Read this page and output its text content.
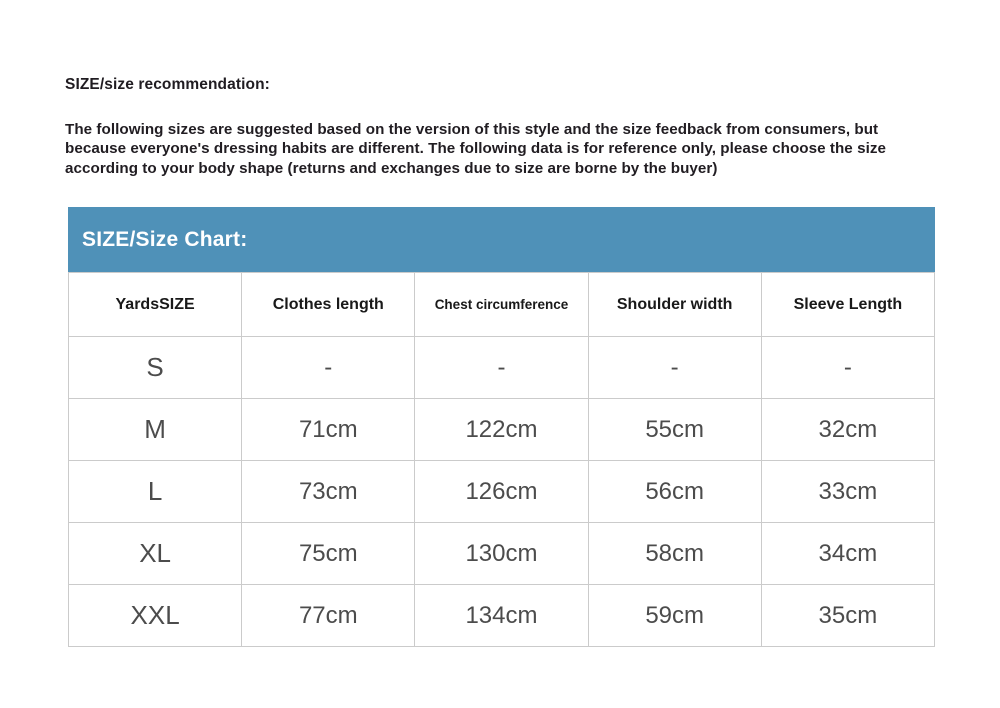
SIZE/size recommendation:
The following sizes are suggested based on the version of this style and the size feedback from consumers, but because everyone's dressing habits are different. The following data is for reference only, please choose the size according to your body shape (returns and exchanges due to size are borne by the buyer)
SIZE/Size Chart:
YardsSIZE	Clothes length	Chest circumference	Shoulder width	Sleeve Length
S	-	-	-	-
M	71cm	122cm	55cm	32cm
L	73cm	126cm	56cm	33cm
XL	75cm	130cm	58cm	34cm
XXL	77cm	134cm	59cm	35cm
